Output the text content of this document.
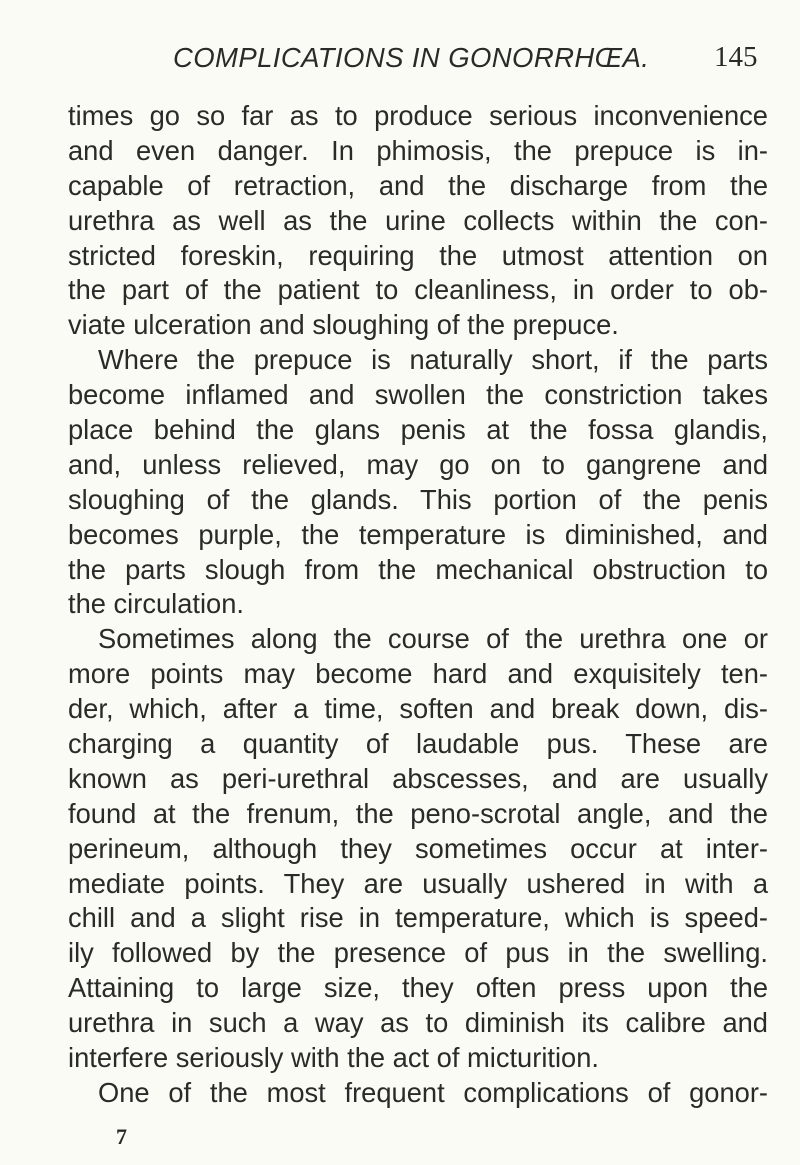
COMPLICATIONS IN GONORRHŒA. 145
times go so far as to produce serious inconvenience
and even danger. In phimosis, the prepuce is in-
capable of retraction, and the discharge from the
urethra as well as the urine collects within the con-
stricted foreskin, requiring the utmost attention on
the part of the patient to cleanliness, in order to ob-
viate ulceration and sloughing of the prepuce.
Where the prepuce is naturally short, if the parts
become inflamed and swollen the constriction takes
place behind the glans penis at the fossa glandis,
and, unless relieved, may go on to gangrene and
sloughing of the glands. This portion of the penis
becomes purple, the temperature is diminished, and
the parts slough from the mechanical obstruction to
the circulation.
Sometimes along the course of the urethra one or
more points may become hard and exquisitely ten-
der, which, after a time, soften and break down, dis-
charging a quantity of laudable pus. These are
known as peri-urethral abscesses, and are usually
found at the frenum, the peno-scrotal angle, and the
perineum, although they sometimes occur at inter-
mediate points. They are usually ushered in with a
chill and a slight rise in temperature, which is speed-
ily followed by the presence of pus in the swelling.
Attaining to large size, they often press upon the
urethra in such a way as to diminish its calibre and
interfere seriously with the act of micturition.
One of the most frequent complications of gonor-
7
